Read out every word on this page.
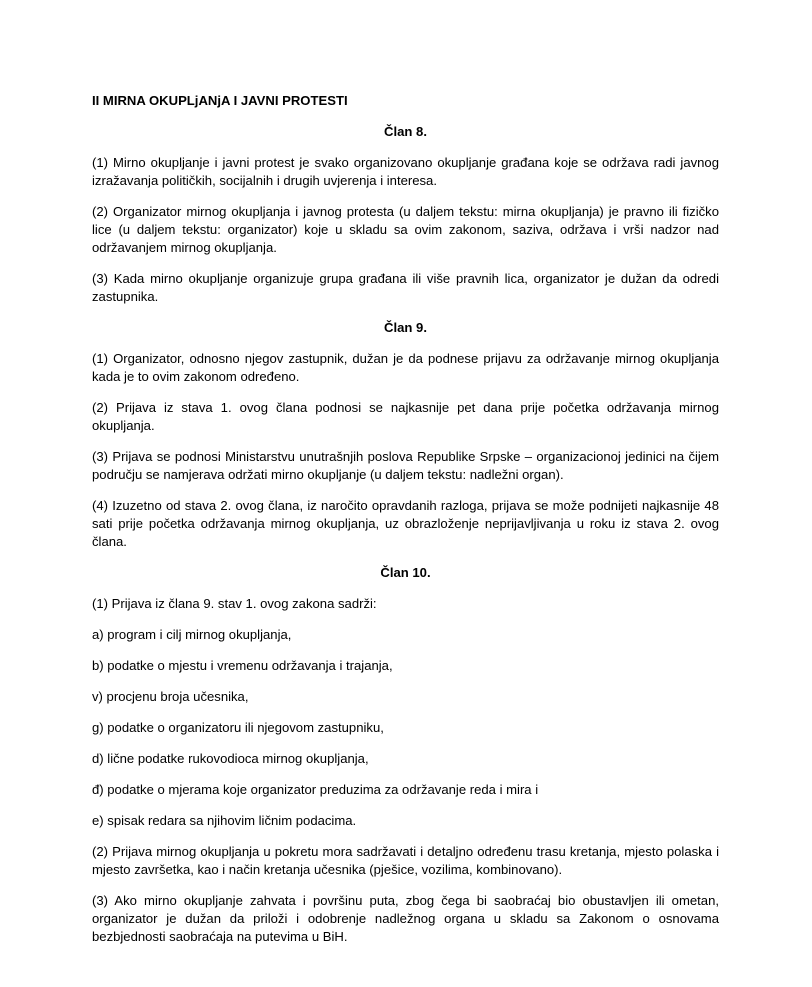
II MIRNA OKUPLjANjA I JAVNI PROTESTI
Član 8.
(1) Mirno okupljanje i javni protest je svako organizovano okupljanje građana koje se održava radi javnog izražavanja političkih, socijalnih i drugih uvjerenja i interesa.
(2) Organizator mirnog okupljanja i javnog protesta (u daljem tekstu: mirna okupljanja) je pravno ili fizičko lice (u daljem tekstu: organizator) koje u skladu sa ovim zakonom, saziva, održava i vrši nadzor nad održavanjem mirnog okupljanja.
(3) Kada mirno okupljanje organizuje grupa građana ili više pravnih lica, organizator je dužan da odredi zastupnika.
Član 9.
(1) Organizator, odnosno njegov zastupnik, dužan je da podnese prijavu za održavanje mirnog okupljanja kada je to ovim zakonom određeno.
(2) Prijava iz stava 1. ovog člana podnosi se najkasnije pet dana prije početka održavanja mirnog okupljanja.
(3) Prijava se podnosi Ministarstvu unutrašnjih poslova Republike Srpske – organizacionoj jedinici na čijem području se namjerava održati mirno okupljanje (u daljem tekstu: nadležni organ).
(4) Izuzetno od stava 2. ovog člana, iz naročito opravdanih razloga, prijava se može podnijeti najkasnije 48 sati prije početka održavanja mirnog okupljanja, uz obrazloženje neprijavljivanja u roku iz stava 2. ovog člana.
Član 10.
(1) Prijava iz člana 9. stav 1. ovog zakona sadrži:
a) program i cilj mirnog okupljanja,
b) podatke o mjestu i vremenu održavanja i trajanja,
v) procjenu broja učesnika,
g) podatke o organizatoru ili njegovom zastupniku,
d) lične podatke rukovodioca mirnog okupljanja,
đ) podatke o mjerama koje organizator preduzima za održavanje reda i mira i
e) spisak redara sa njihovim ličnim podacima.
(2) Prijava mirnog okupljanja u pokretu mora sadržavati i detaljno određenu trasu kretanja, mjesto polaska i mjesto završetka, kao i način kretanja učesnika (pješice, vozilima, kombinovano).
(3) Ako mirno okupljanje zahvata i površinu puta, zbog čega bi saobraćaj bio obustavljen ili ometan, organizator je dužan da priloži i odobrenje nadležnog organa u skladu sa Zakonom o osnovama bezbjednosti saobraćaja na putevima u BiH.
